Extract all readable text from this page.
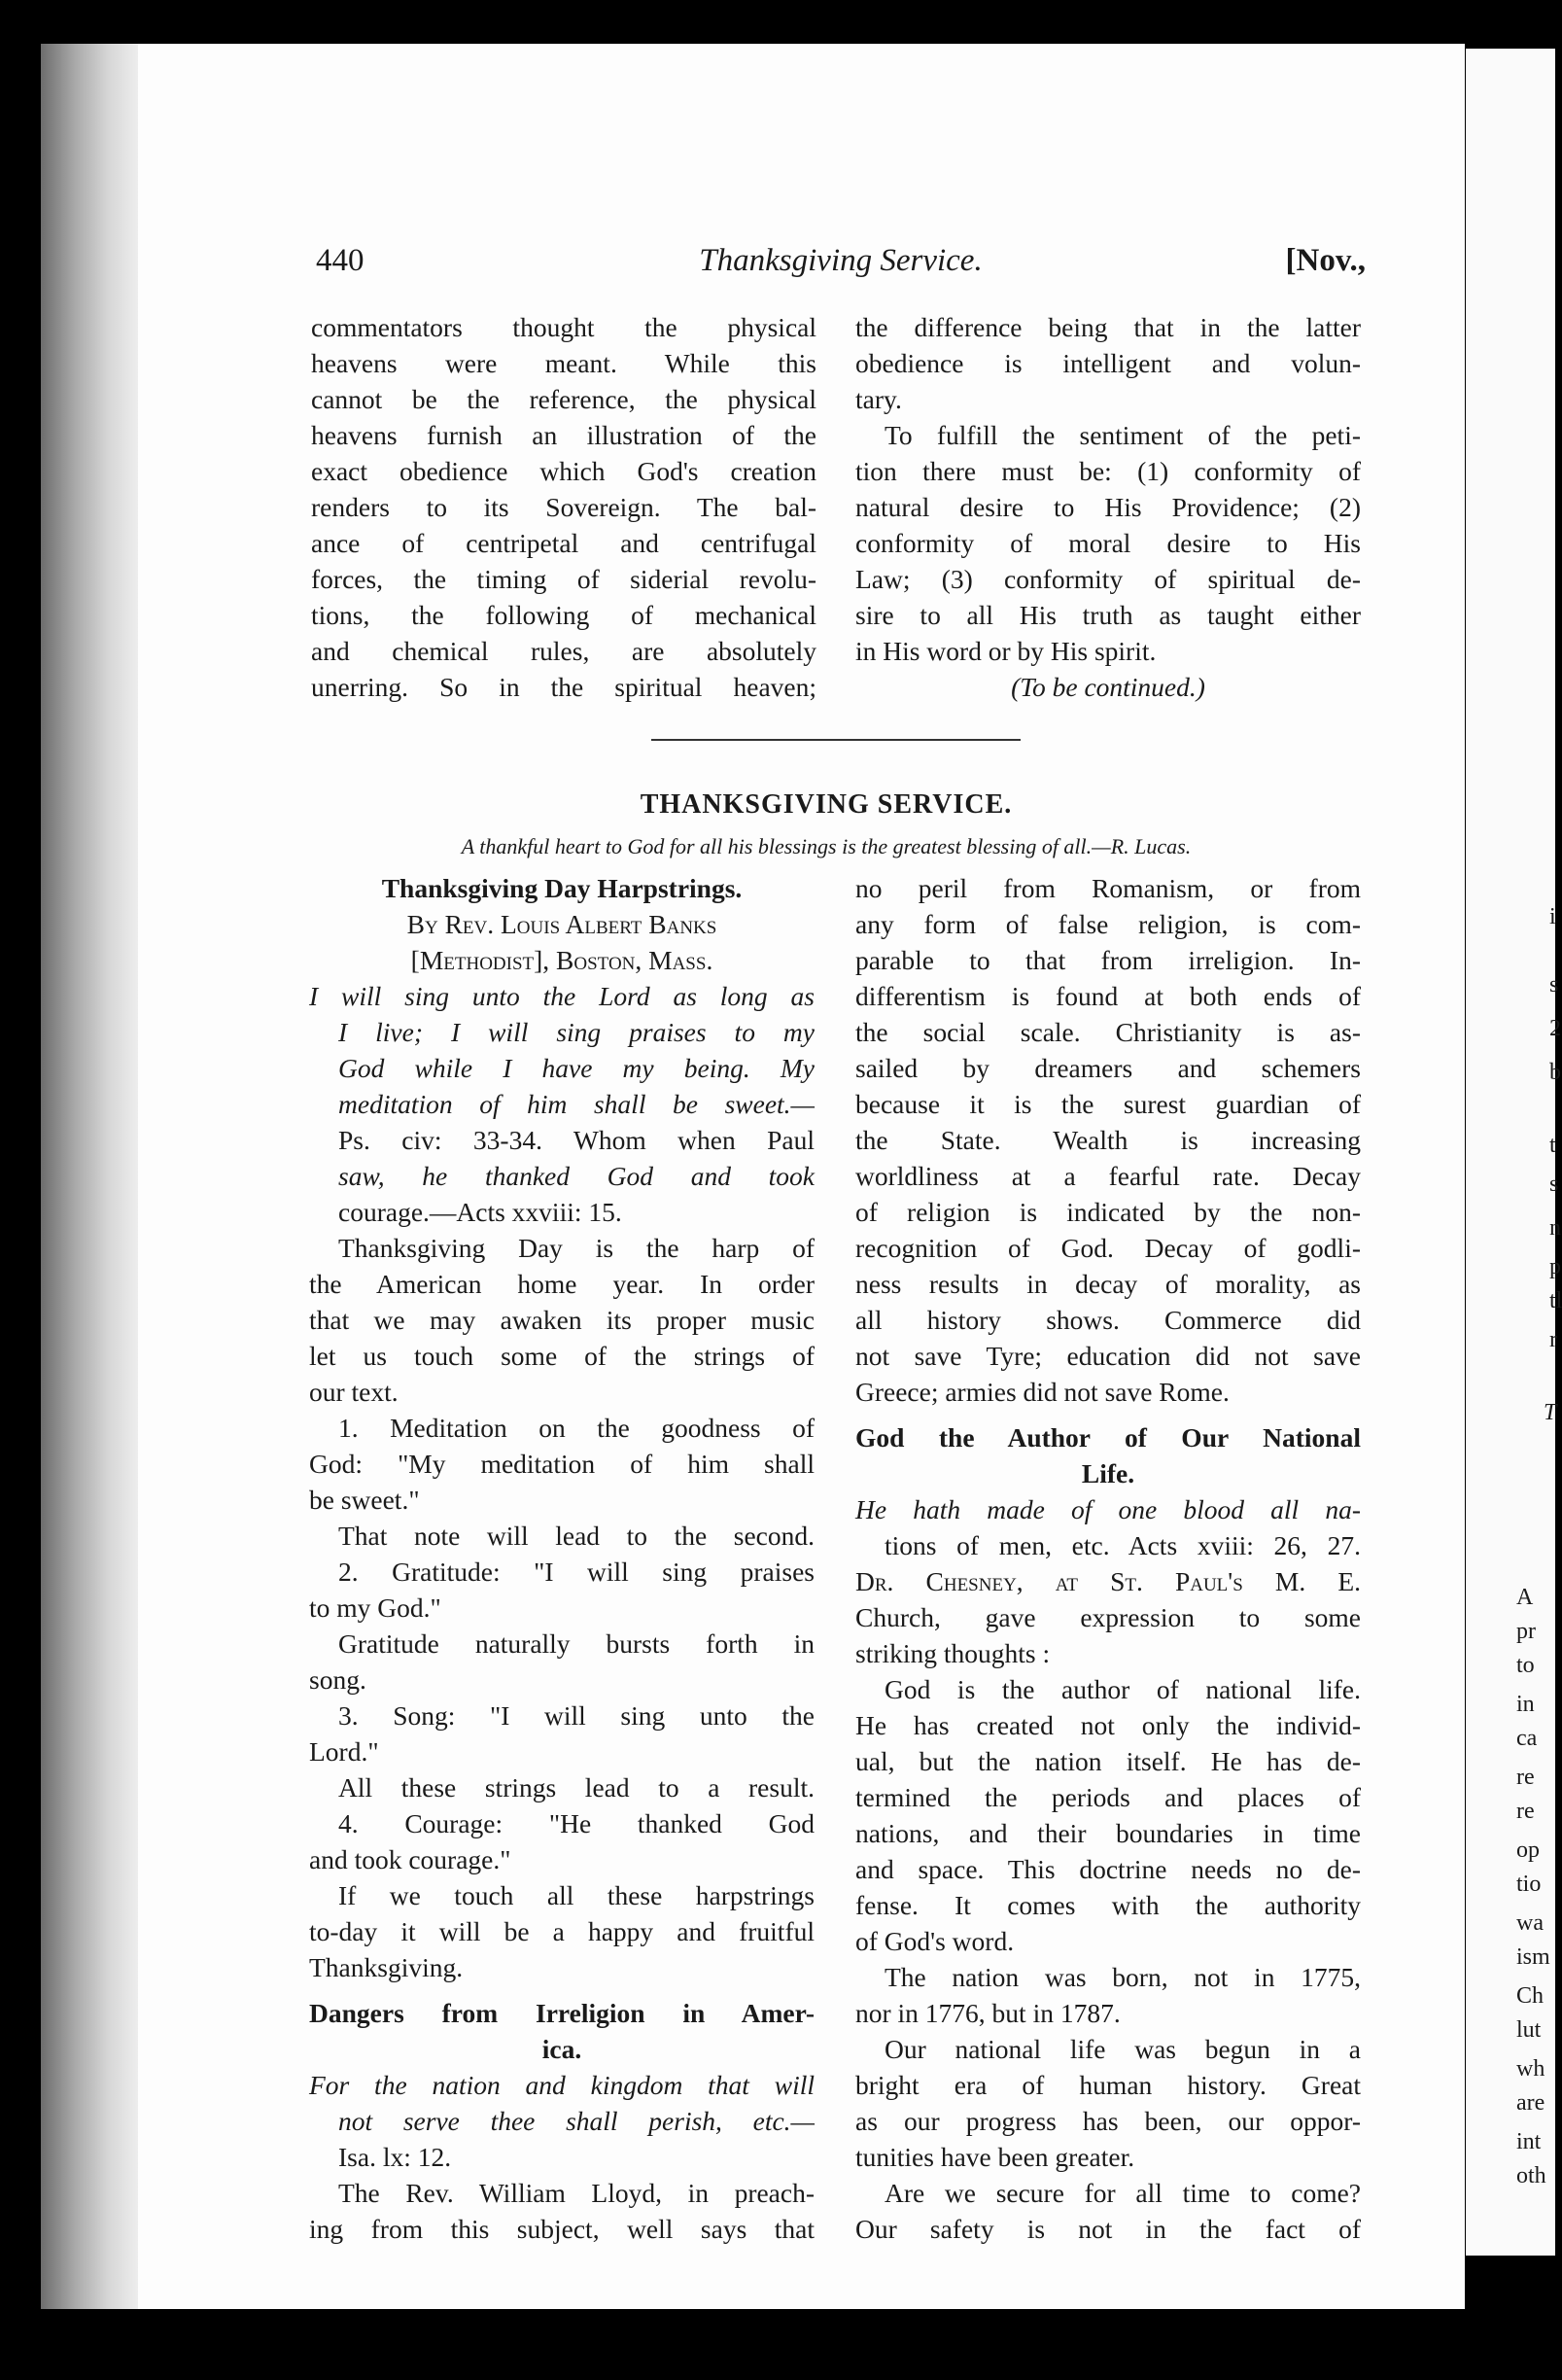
i
s
2
b
t
s
n
p
tl
r
T
A
pr
to
in
ca
re
re
op
tio
wa
ism
Ch
lut
wh
are
int
oth
440	Thanksgiving Service.	[Nov.,
commentators thought the physical
heavens were meant. While this
cannot be the reference, the physical
heavens furnish an illustration of the
exact obedience which God's creation
renders to its Sovereign. The bal-
ance of centripetal and centrifugal
forces, the timing of siderial revolu-
tions, the following of mechanical
and chemical rules, are absolutely
unerring. So in the spiritual heaven;
the difference being that in the latter
obedience is intelligent and volun-
tary.
To fulfill the sentiment of the peti-
tion there must be: (1) conformity of
natural desire to His Providence; (2)
conformity of moral desire to His
Law; (3) conformity of spiritual de-
sire to all His truth as taught either
in His word or by His spirit.
(To be continued.)
THANKSGIVING SERVICE.
A thankful heart to God for all his blessings is the greatest blessing of all.—R. Lucas.
Thanksgiving Day Harpstrings.
By Rev. Louis Albert Banks
[Methodist], Boston, Mass.
I will sing unto the Lord as long as
I live; I will sing praises to my
God while I have my being. My
meditation of him shall be sweet.—
Ps. civ: 33-34. Whom when Paul
saw, he thanked God and took
courage.—Acts xxviii: 15.
Thanksgiving Day is the harp of
the American home year. In order
that we may awaken its proper music
let us touch some of the strings of
our text.
1. Meditation on the goodness of
God: "My meditation of him shall
be sweet."
That note will lead to the second.
2. Gratitude: "I will sing praises
to my God."
Gratitude naturally bursts forth in
song.
3. Song: "I will sing unto the
Lord."
All these strings lead to a result.
4. Courage: "He thanked God
and took courage."
If we touch all these harpstrings
to-day it will be a happy and fruitful
Thanksgiving.
Dangers from Irreligion in Amer-
ica.
For the nation and kingdom that will
not serve thee shall perish, etc.—
Isa. lx: 12.
The Rev. William Lloyd, in preach-
ing from this subject, well says that
no peril from Romanism, or from
any form of false religion, is com-
parable to that from irreligion. In-
differentism is found at both ends of
the social scale. Christianity is as-
sailed by dreamers and schemers
because it is the surest guardian of
the State. Wealth is increasing
worldliness at a fearful rate. Decay
of religion is indicated by the non-
recognition of God. Decay of godli-
ness results in decay of morality, as
all history shows. Commerce did
not save Tyre; education did not save
Greece; armies did not save Rome.
God the Author of Our National
Life.
He hath made of one blood all na-
tions of men, etc. Acts xviii: 26, 27.
Dr. Chesney, at St. Paul's M. E.
Church, gave expression to some
striking thoughts :
God is the author of national life.
He has created not only the individ-
ual, but the nation itself. He has de-
termined the periods and places of
nations, and their boundaries in time
and space. This doctrine needs no de-
fense. It comes with the authority
of God's word.
The nation was born, not in 1775,
nor in 1776, but in 1787.
Our national life was begun in a
bright era of human history. Great
as our progress has been, our oppor-
tunities have been greater.
Are we secure for all time to come?
Our safety is not in the fact of
